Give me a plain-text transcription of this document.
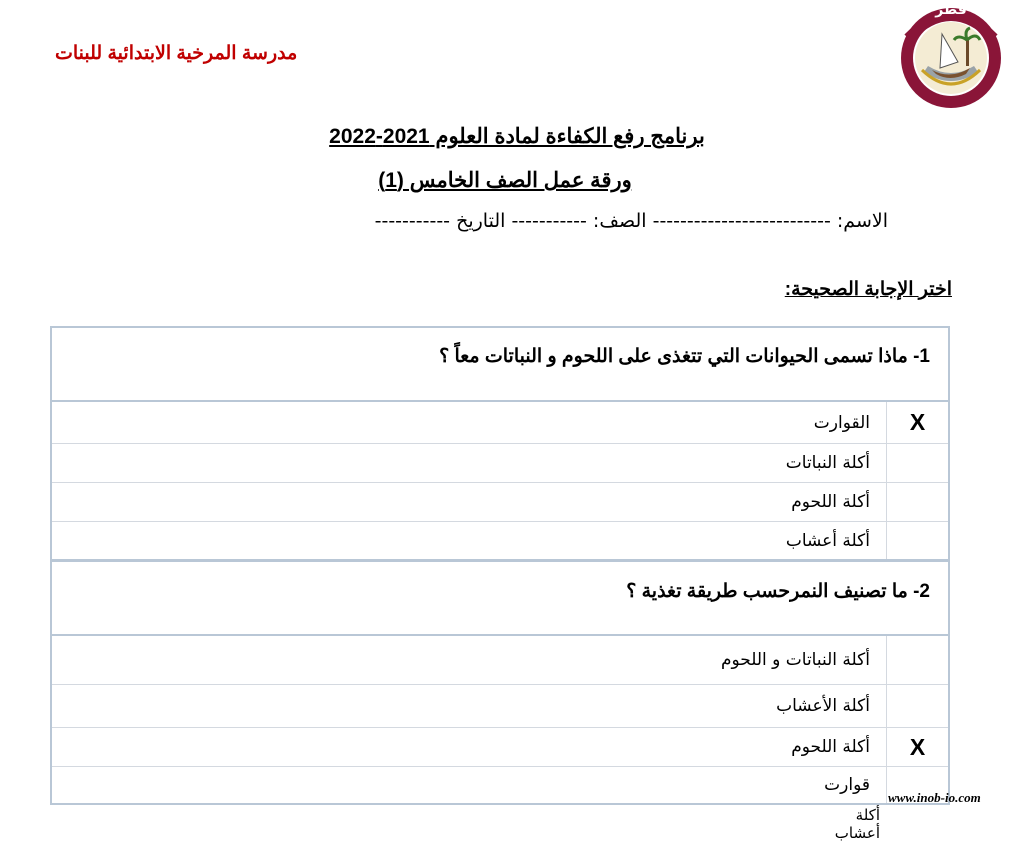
مدرسة المرخية الابتدائية للبنات
قطر
برنامج رفع الكفاءة لمادة العلوم 2021-2022
ورقة عمل الصف الخامس (1)
الاسم: -------------------------- الصف: ----------- التاريخ -----------
اختر الإجابة الصحيحة:
1- ماذا تسمى الحيوانات التي تتغذى على اللحوم و النباتات معاً ؟
X
القوارت
أكلة النباتات
أكلة اللحوم
أكلة أعشاب
2- ما تصنيف النمرحسب طريقة تغذية ؟
أكلة النباتات و اللحوم
أكلة الأعشاب
X
أكلة اللحوم
قوارت
www.inob-io.com
أكلة أعشاب
